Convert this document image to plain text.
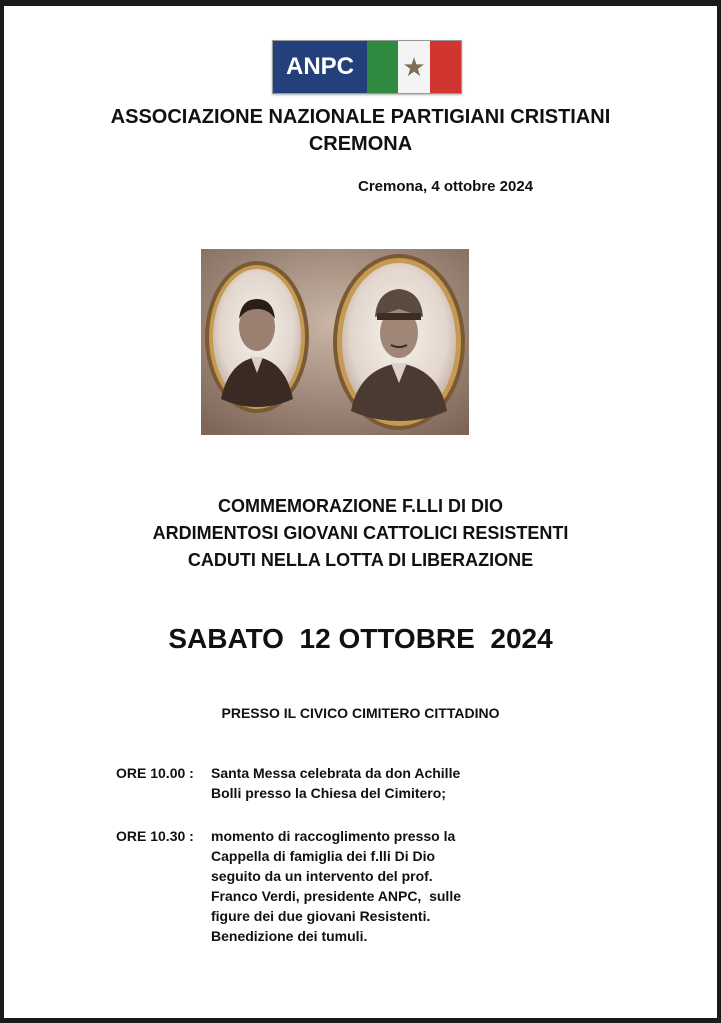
ANPC	★
ASSOCIAZIONE NAZIONALE PARTIGIANI CRISTIANI
CREMONA
Cremona, 4 ottobre 2024
COMMEMORAZIONE F.LLI DI DIO
ARDIMENTOSI GIOVANI CATTOLICI RESISTENTI
CADUTI NELLA LOTTA DI LIBERAZIONE
SABATO  12 OTTOBRE  2024
PRESSO IL CIVICO CIMITERO CITTADINO
ORE 10.00 : Santa Messa celebrata da don Achille
Bolli presso la Chiesa del Cimitero;
ORE 10.30 : momento di raccoglimento presso la
Cappella di famiglia dei f.lli Di Dio
seguito da un intervento del prof.
Franco Verdi, presidente ANPC,  sulle
figure dei due giovani Resistenti.
Benedizione dei tumuli.
